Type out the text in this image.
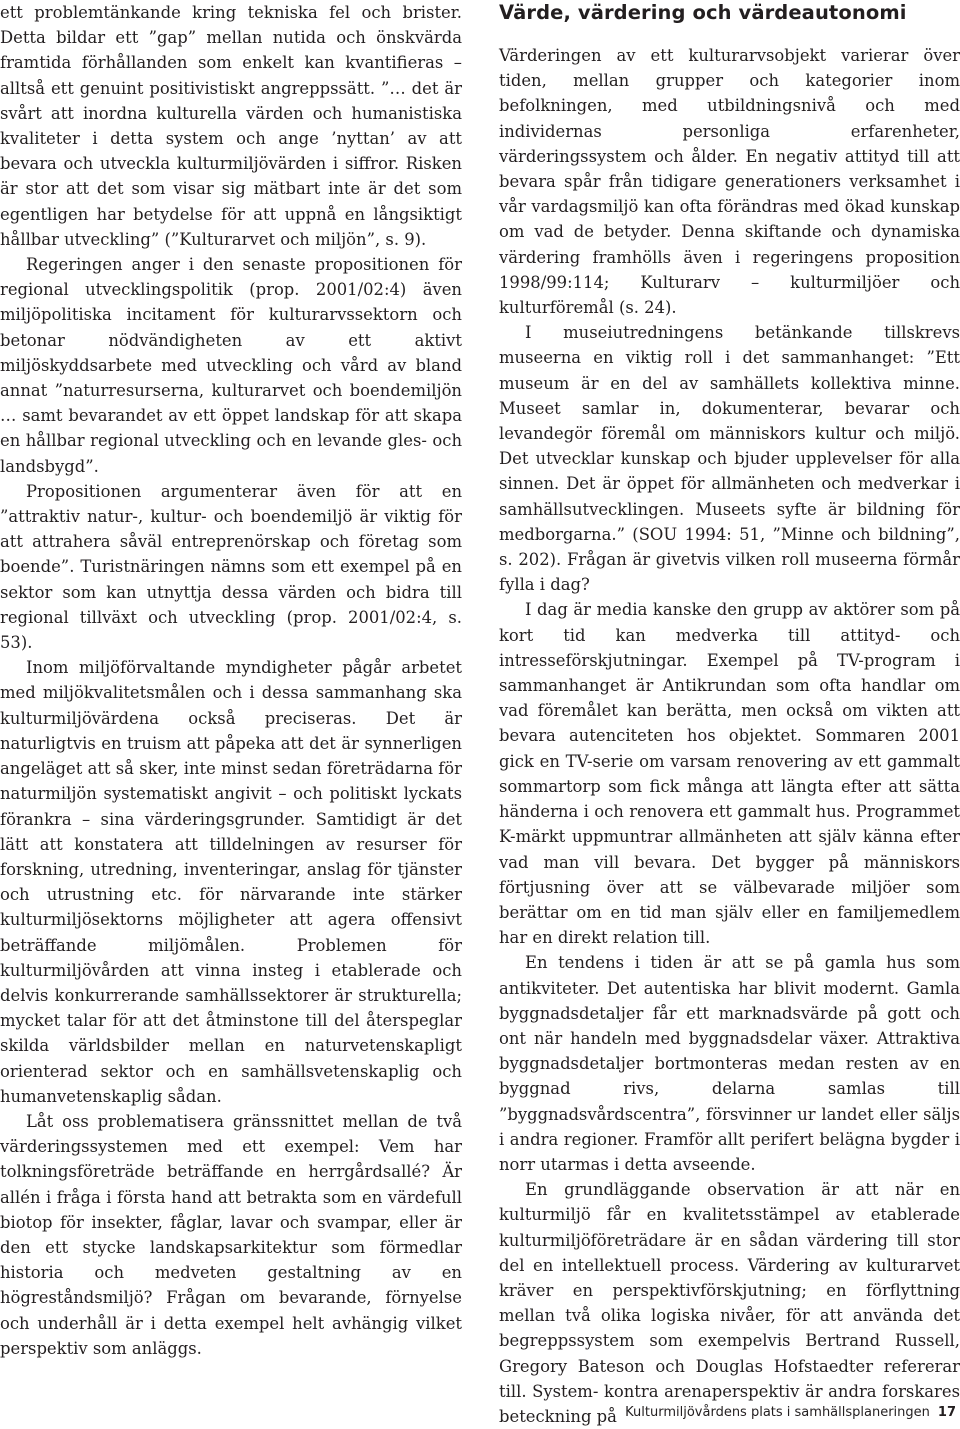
ett problemtänkande kring tekniska fel och brister. Detta bildar ett ”gap” mellan nutida och önskvärda framtida förhållanden som enkelt kan kvantifieras – alltså ett genuint positivistiskt angreppssätt. ”… det är svårt att inordna kulturella värden och humanistiska kvaliteter i detta system och ange ’nyttan’ av att bevara och utveckla kulturmiljövärden i siffror. Risken är stor att det som visar sig mätbart inte är det som egentligen har betydelse för att uppnå en långsiktigt hållbar utveckling” (”Kulturarvet och miljön”, s. 9).

Regeringen anger i den senaste propositionen för regional utvecklingspolitik (prop. 2001/02:4) även miljöpolitiska incitament för kulturarvssektorn och betonar nödvändigheten av ett aktivt miljöskyddsarbete med utveckling och vård av bland annat ”naturresurserna, kulturarvet och boendemiljön … samt bevarandet av ett öppet landskap för att skapa en hållbar regional utveckling och en levande gles- och landsbygd”.

Propositionen argumenterar även för att en ”attraktiv natur-, kultur- och boendemiljö är viktig för att attrahera såväl entreprenörskap och företag som boende”. Turistnäringen nämns som ett exempel på en sektor som kan utnyttja dessa värden och bidra till regional tillväxt och utveckling (prop. 2001/02:4, s. 53).

Inom miljöförvaltande myndigheter pågår arbetet med miljökvalitetsmålen och i dessa sammanhang ska kulturmiljövärdena också preciseras. Det är naturligtvis en truism att påpeka att det är synnerligen angeläget att så sker, inte minst sedan företrädarna för naturmiljön systematiskt angivit – och politiskt lyckats förankra – sina värderingsgrunder. Samtidigt är det lätt att konstatera att tilldelningen av resurser för forskning, utredning, inventeringar, anslag för tjänster och utrustning etc. för närvarande inte stärker kulturmiljösektorns möjligheter att agera offensivt beträffande miljömålen. Problemen för kulturmiljövården att vinna insteg i etablerade och delvis konkurrerande samhällssektorer är strukturella; mycket talar för att det åtminstone till del återspeglar skilda världsbilder mellan en naturvetenskapligt orienterad sektor och en samhällsvetenskaplig och humanvetenskaplig sådan.

Låt oss problematisera gränssnittet mellan de två värderingssystemen med ett exempel: Vem har tolkningsföreträde beträffande en herrgårdsallé? Är allén i fråga i första hand att betrakta som en värdefull biotop för insekter, fåglar, lavar och svampar, eller är den ett stycke landskapsarkitektur som förmedlar historia och medveten gestaltning av en högreståndsmiljö? Frågan om bevarande, förnyelse och underhåll är i detta exempel helt avhängig vilket perspektiv som anläggs.

Värde, värdering och värdeautonomi

Värderingen av ett kulturarvsobjekt varierar över tiden, mellan grupper och kategorier inom befolkningen, med utbildningsnivå och med individernas personliga erfarenheter, värderingssystem och ålder. En negativ attityd till att bevara spår från tidigare generationers verksamhet i vår vardagsmiljö kan ofta förändras med ökad kunskap om vad de betyder. Denna skiftande och dynamiska värdering framhölls även i regeringens proposition 1998/99:114; Kulturarv – kulturmiljöer och kulturföremål (s. 24).

I museiutredningens betänkande tillskrevs museerna en viktig roll i det sammanhanget: ”Ett museum är en del av samhällets kollektiva minne. Museet samlar in, dokumenterar, bevarar och levandegör föremål om människors kultur och miljö. Det utvecklar kunskap och bjuder upplevelser för alla sinnen. Det är öppet för allmänheten och medverkar i samhällsutvecklingen. Museets syfte är bildning för medborgarna.” (SOU 1994: 51, ”Minne och bildning”, s. 202). Frågan är givetvis vilken roll museerna förmår fylla i dag?

I dag är media kanske den grupp av aktörer som på kort tid kan medverka till attityd- och intresseförskjutningar. Exempel på TV-program i sammanhanget är Antikrundan som ofta handlar om vad föremålet kan berätta, men också om vikten att bevara autenciteten hos objektet. Sommaren 2001 gick en TV-serie om varsam renovering av ett gammalt sommartorp som fick många att längta efter att sätta händerna i och renovera ett gammalt hus. Programmet K-märkt uppmuntrar allmänheten att själv känna efter vad man vill bevara. Det bygger på människors förtjusning över att se välbevarade miljöer som berättar om en tid man själv eller en familjemedlem har en direkt relation till.

En tendens i tiden är att se på gamla hus som antikviteter. Det autentiska har blivit modernt. Gamla byggnadsdetaljer får ett marknadsvärde på gott och ont när handeln med byggnadsdelar växer. Attraktiva byggnadsdetaljer bortmonteras medan resten av en byggnad rivs, delarna samlas till ”byggnadsvårdscentra”, försvinner ur landet eller säljs i andra regioner. Framför allt perifert belägna bygder i norr utarmas i detta avseende.

En grundläggande observation är att när en kulturmiljö får en kvalitetsstämpel av etablerade kulturmiljöföreträdare är en sådan värdering till stor del en intellektuell process. Värdering av kulturarvet kräver en perspektivförskjutning; en förflyttning mellan två olika logiska nivåer, för att använda det begreppssystem som exempelvis Bertrand Russell, Gregory Bateson och Douglas Hofstaedter refererar till. System- kontra arenaperspektiv är andra forskares beteckning på Kulturmiljövårdens plats i samhällsplaneringen 17
